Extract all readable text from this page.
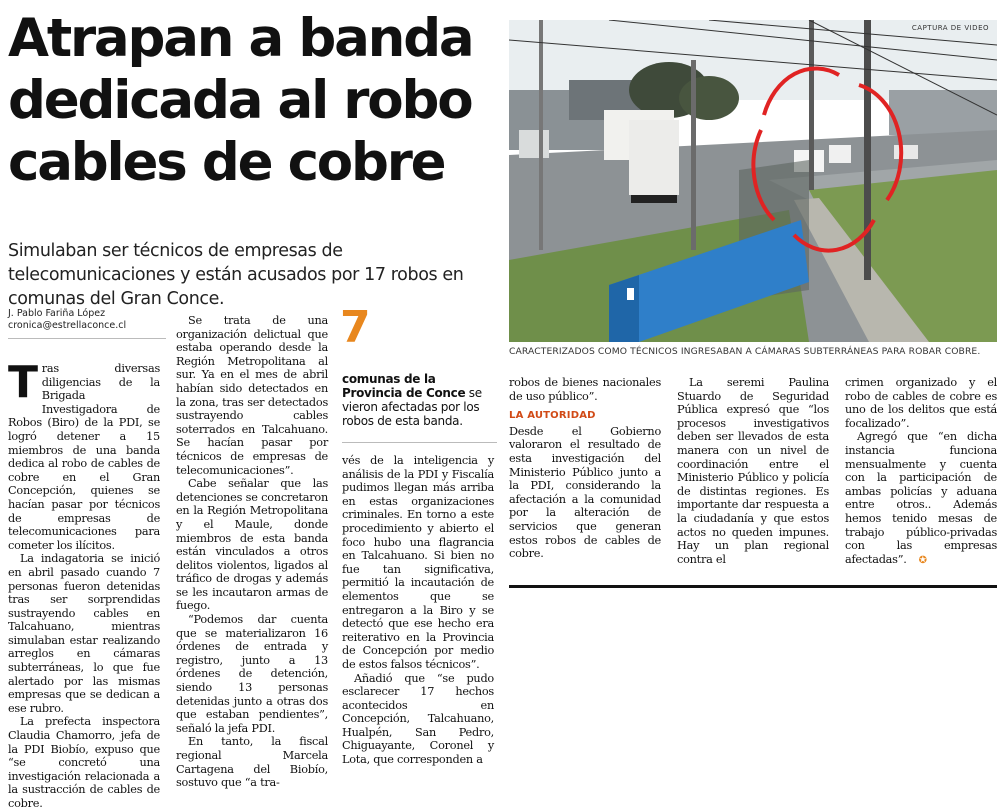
Atrapan a banda dedicada al robo cables de cobre

Simulaban ser técnicos de empresas de telecomunicaciones y están acusados por 17 robos en comunas del Gran Conce.

J. Pablo Fariña López
cronica@estrellaconce.cl

CAPTURA DE VIDEO

CARACTERIZADOS COMO TÉCNICOS INGRESABAN A CÁMARAS SUBTERRÁNEAS PARA ROBAR COBRE.

7

comunas de la Provincia de Conce se vieron afectadas por los robos de esta banda.

Tras diversas diligencias de la Brigada Investigadora de Robos (Biro) de la PDI, se logró detener a 15 miembros de una banda dedica al robo de cables de cobre en el Gran Concepción, quienes se hacían pasar por técnicos de empresas de telecomunicaciones para cometer los ilícitos.

La indagatoria se inició en abril pasado cuando 7 personas fueron detenidas tras ser sorprendidas sustrayendo cables en Talcahuano, mientras simulaban estar realizando arreglos en cámaras subterráneas, lo que fue alertado por las mismas empresas que se dedican a ese rubro.

La prefecta inspectora Claudia Chamorro, jefa de la PDI Biobío, expuso que “se concretó una investigación relacionada a la sustracción de cables de cobre.

Se trata de una organización delictual que estaba operando desde la Región Metropolitana al sur. Ya en el mes de abril habían sido detectados en la zona, tras ser detectados sustrayendo cables soterrados en Talcahuano. Se hacían pasar por técnicos de empresas de telecomunicaciones”.

Cabe señalar que las detenciones se concretaron en la Región Metropolitana y el Maule, donde miembros de esta banda están vinculados a otros delitos violentos, ligados al tráfico de drogas y además se les incautaron armas de fuego.

“Podemos dar cuenta que se materializaron 16 órdenes de entrada y registro, junto a 13 órdenes de detención, siendo 13 personas detenidas junto a otras dos que estaban pendientes”, señaló la jefa PDI.

En tanto, la fiscal regional Marcela Cartagena del Biobío, sostuvo que “a tra-

vés de la inteligencia y análisis de la PDI y Fiscalía pudimos llegan más arriba en estas organizaciones criminales. En torno a este procedimiento y abierto el foco hubo una flagrancia en Talcahuano. Si bien no fue tan significativa, permitió la incautación de elementos que se entregaron a la Biro y se detectó que ese hecho era reiterativo en la Provincia de Concepción por medio de estos falsos técnicos”.

Añadió que “se pudo esclarecer 17 hechos acontecidos en Concepción, Talcahuano, Hualpén, San Pedro, Chiguayante, Coronel y Lota, que corresponden a

robos de bienes nacionales de uso público”.

LA AUTORIDAD

Desde el Gobierno valoraron el resultado de esta investigación del Ministerio Público junto a la PDI, considerando la afectación a la comunidad por la alteración de servicios que generan estos robos de cables de cobre.

La seremi Paulina Stuardo de Seguridad Pública expresó que “los procesos investigativos deben ser llevados de esta manera con un nivel de coordinación entre el Ministerio Público y policía de distintas regiones. Es importante dar respuesta a la ciudadanía y que estos actos no queden impunes. Hay un plan regional contra el

crimen organizado y el robo de cables de cobre es uno de los delitos que está focalizado”.

Agregó que “en dicha instancia funciona mensualmente y cuenta con la participación de ambas policías y aduana entre otros.. Además hemos tenido mesas de trabajo público-privadas con las empresas afectadas”. ✪
